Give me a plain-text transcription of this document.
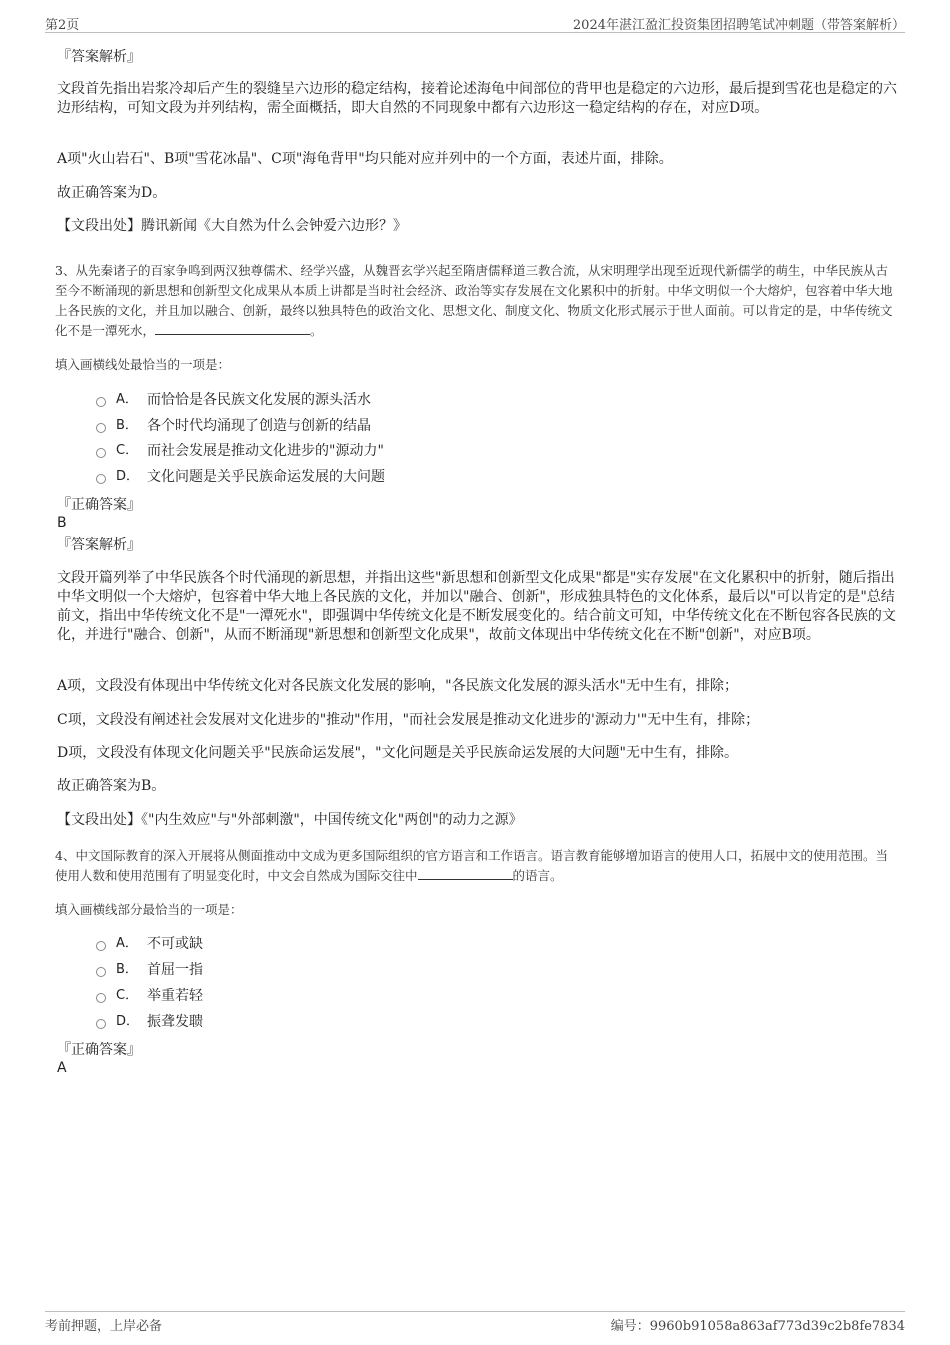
第2页	2024年湛江盈汇投资集团招聘笔试冲刺题（带答案解析）
『答案解析』
文段首先指出岩浆冷却后产生的裂缝呈六边形的稳定结构，接着论述海龟中间部位的背甲也是稳定的六边形，最后提到雪花也是稳定的六边形结构，可知文段为并列结构，需全面概括，即大自然的不同现象中都有六边形这一稳定结构的存在，对应D项。
A项"火山岩石"、B项"雪花冰晶"、C项"海龟背甲"均只能对应并列中的一个方面，表述片面，排除。
故正确答案为D。
【文段出处】腾讯新闻《大自然为什么会钟爱六边形？》
3、从先秦诸子的百家争鸣到两汉独尊儒术、经学兴盛，从魏晋玄学兴起至隋唐儒释道三教合流，从宋明理学出现至近现代新儒学的萌生，中华民族从古至今不断涌现的新思想和创新型文化成果从本质上讲都是当时社会经济、政治等实存发展在文化累积中的折射。中华文明似一个大熔炉，包容着中华大地上各民族的文化，并且加以融合、创新，最终以独具特色的政治文化、思想文化、制度文化、物质文化形式展示于世人面前。可以肯定的是，中华传统文化不是一潭死水，	。
填入画横线处最恰当的一项是：
A． 而恰恰是各民族文化发展的源头活水
B． 各个时代均涌现了创造与创新的结晶
C． 而社会发展是推动文化进步的"源动力"
D． 文化问题是关乎民族命运发展的大问题
『正确答案』
B
『答案解析』
文段开篇列举了中华民族各个时代涌现的新思想，并指出这些"新思想和创新型文化成果"都是"实存发展"在文化累积中的折射，随后指出中华文明似一个大熔炉，包容着中华大地上各民族的文化，并加以"融合、创新"，形成独具特色的文化体系，最后以"可以肯定的是"总结前文，指出中华传统文化不是"一潭死水"，即强调中华传统文化是不断发展变化的。结合前文可知，中华传统文化在不断包容各民族的文化，并进行"融合、创新"，从而不断涌现"新思想和创新型文化成果"，故前文体现出中华传统文化在不断"创新"，对应B项。
A项，文段没有体现出中华传统文化对各民族文化发展的影响，"各民族文化发展的源头活水"无中生有，排除；
C项，文段没有阐述社会发展对文化进步的"推动"作用，"而社会发展是推动文化进步的'源动力'"无中生有，排除；
D项，文段没有体现文化问题关乎"民族命运发展"，"文化问题是关乎民族命运发展的大问题"无中生有，排除。
故正确答案为B。
【文段出处】《"内生效应"与"外部刺激"，中国传统文化"两创"的动力之源》
4、中文国际教育的深入开展将从侧面推动中文成为更多国际组织的官方语言和工作语言。语言教育能够增加语言的使用人口，拓展中文的使用范围。当使用人数和使用范围有了明显变化时，中文会自然成为国际交往中	的语言。
填入画横线部分最恰当的一项是：
A． 不可或缺
B． 首屈一指
C． 举重若轻
D． 振聋发聩
『正确答案』
A
考前押题，上岸必备	编号：9960b91058a863af773d39c2b8fe7834
